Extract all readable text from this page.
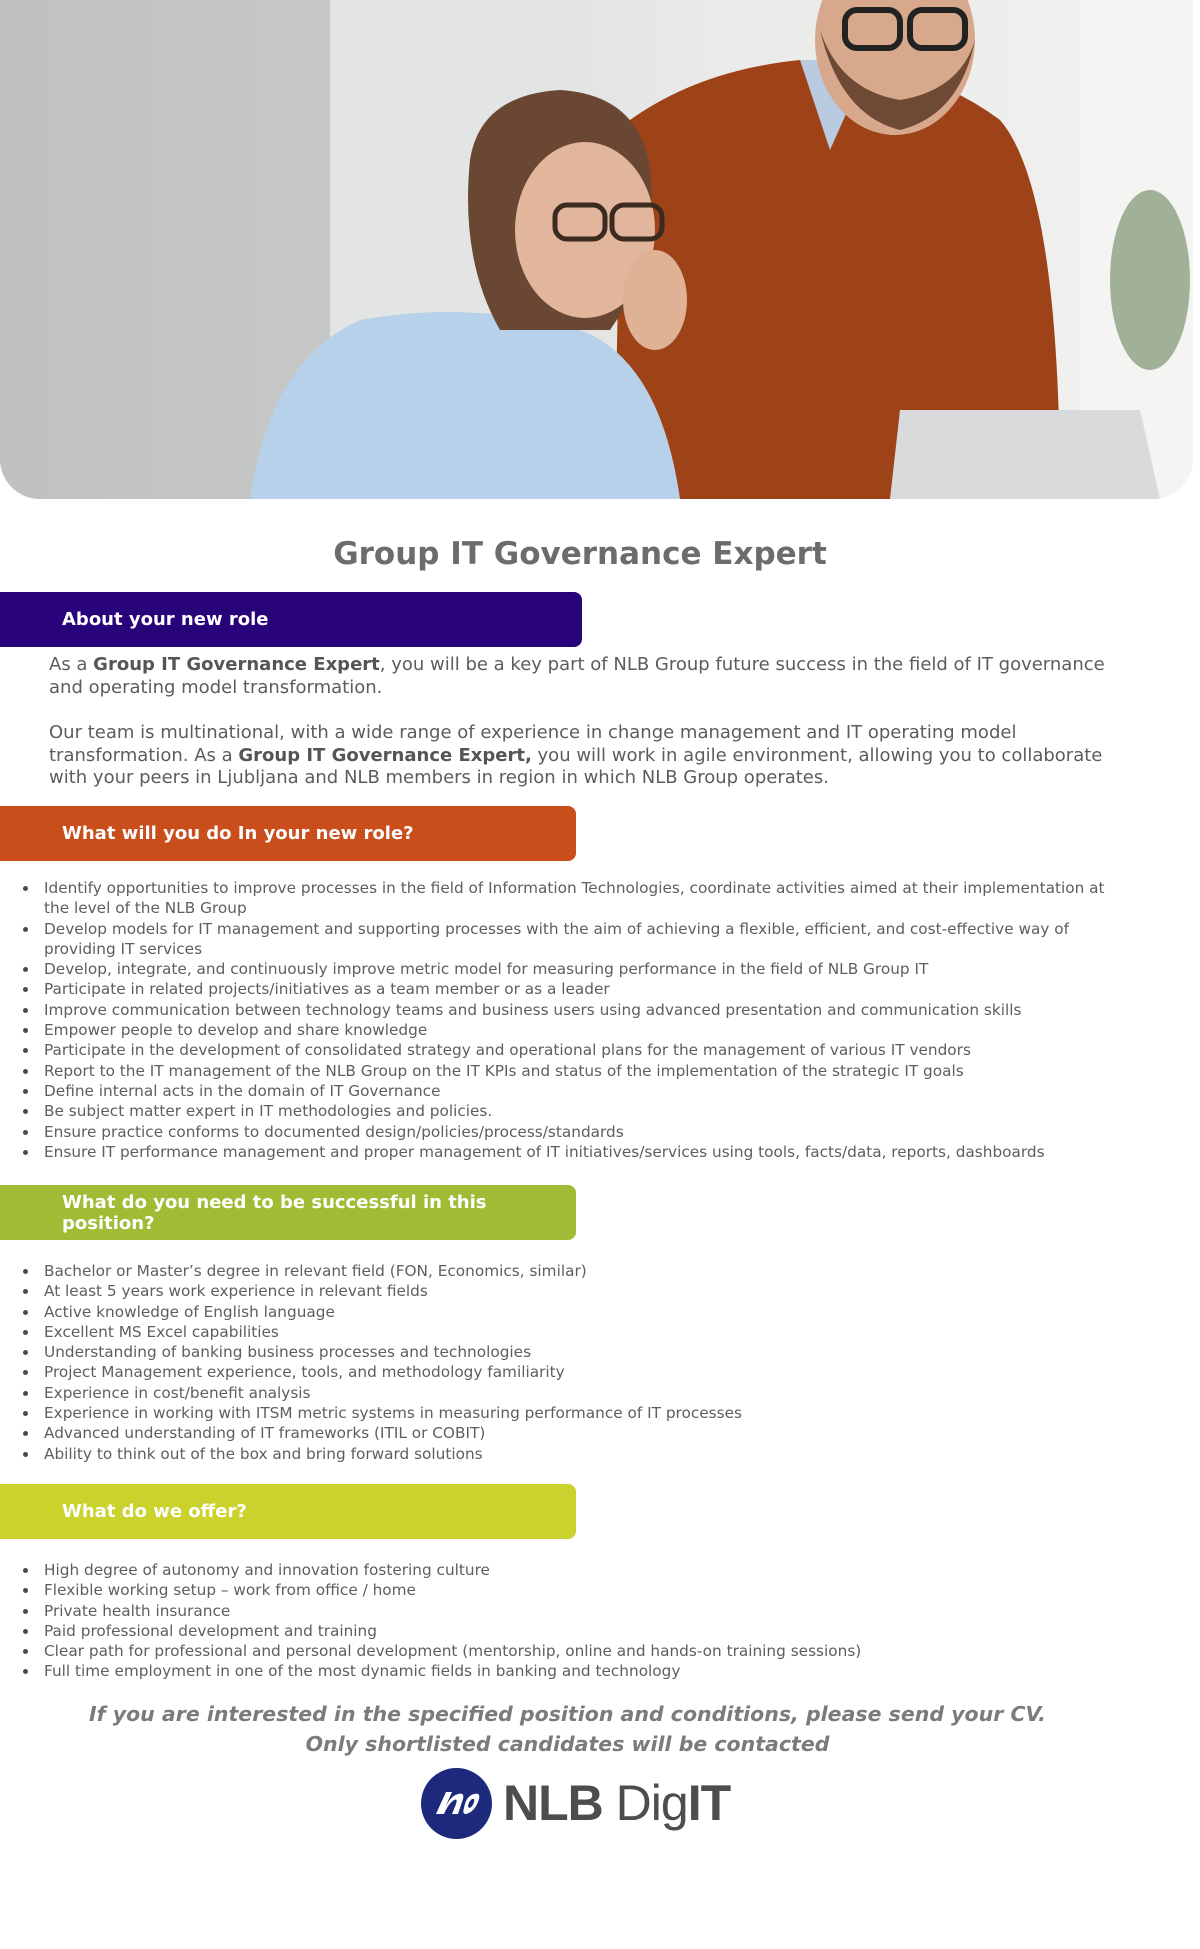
Group IT Governance Expert
About your new role

As a Group IT Governance Expert, you will be a key part of NLB Group future success in the field of IT governance and operating model transformation.

Our team is multinational, with a wide range of experience in change management and IT operating model transformation. As a Group IT Governance Expert, you will work in agile environment, allowing you to collaborate with your peers in Ljubljana and NLB members in region in which NLB Group operates.

What will you do In your new role?
Identify opportunities to improve processes in the field of Information Technologies, coordinate activities aimed at their implementation at the level of the NLB Group
Develop models for IT management and supporting processes with the aim of achieving a flexible, efficient, and cost-effective way of providing IT services
Develop, integrate, and continuously improve metric model for measuring performance in the field of NLB Group IT
Participate in related projects/initiatives as a team member or as a leader
Improve communication between technology teams and business users using advanced presentation and communication skills
Empower people to develop and share knowledge
Participate in the development of consolidated strategy and operational plans for the management of various IT vendors
Report to the IT management of the NLB Group on the IT KPIs and status of the implementation of the strategic IT goals
Define internal acts in the domain of IT Governance
Be subject matter expert in IT methodologies and policies.
Ensure practice conforms to documented design/policies/process/standards
Ensure IT performance management and proper management of IT initiatives/services using tools, facts/data, reports, dashboards
What do you need to be successful in this position?
Bachelor or Master’s degree in relevant field (FON, Economics, similar)
At least 5 years work experience in relevant fields
Active knowledge of English language
Excellent MS Excel capabilities
Understanding of banking business processes and technologies
Project Management experience, tools, and methodology familiarity
Experience in cost/benefit analysis
Experience in working with ITSM metric systems in measuring performance of IT processes
Advanced understanding of IT frameworks (ITIL or COBIT)
Ability to think out of the box and bring forward solutions
What do we offer?
High degree of autonomy and innovation fostering culture
Flexible working setup – work from office / home
Private health insurance
Paid professional development and training
Clear path for professional and personal development (mentorship, online and hands-on training sessions)
Full time employment in one of the most dynamic fields in banking and technology

If you are interested in the specified position and conditions, please send your CV.

Only shortlisted candidates will be contacted

NLB DigIT
